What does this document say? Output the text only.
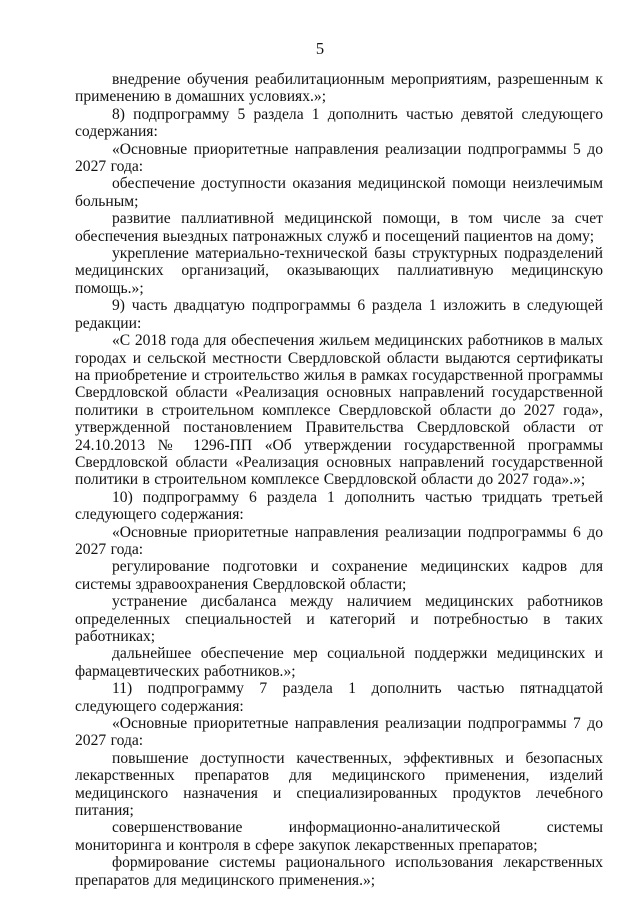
5

внедрение обучения реабилитационным мероприятиям, разрешенным к применению в домашних условиях.»;

8) подпрограмму 5 раздела 1 дополнить частью девятой следующего содержания:

«Основные приоритетные направления реализации подпрограммы 5 до 2027 года:

обеспечение доступности оказания медицинской помощи неизлечимым больным;

развитие паллиативной медицинской помощи, в том числе за счет обеспечения выездных патронажных служб и посещений пациентов на дому;

укрепление материально-технической базы структурных подразделений медицинских организаций, оказывающих паллиативную медицинскую помощь.»;

9) часть двадцатую подпрограммы 6 раздела 1 изложить в следующей редакции:

«С 2018 года для обеспечения жильем медицинских работников в малых городах и сельской местности Свердловской области выдаются сертификаты на приобретение и строительство жилья в рамках государственной программы Свердловской области «Реализация основных направлений государственной политики в строительном комплексе Свердловской области до 2027 года», утвержденной постановлением Правительства Свердловской области от 24.10.2013 № 1296-ПП «Об утверждении государственной программы Свердловской области «Реализация основных направлений государственной политики в строительном комплексе Свердловской области до 2027 года».»;

10) подпрограмму 6 раздела 1 дополнить частью тридцать третьей следующего содержания:

«Основные приоритетные направления реализации подпрограммы 6 до 2027 года:

регулирование подготовки и сохранение медицинских кадров для системы здравоохранения Свердловской области;

устранение дисбаланса между наличием медицинских работников определенных специальностей и категорий и потребностью в таких работниках;

дальнейшее обеспечение мер социальной поддержки медицинских и фармацевтических работников.»;

11) подпрограмму 7 раздела 1 дополнить частью пятнадцатой следующего содержания:

«Основные приоритетные направления реализации подпрограммы 7 до 2027 года:

повышение доступности качественных, эффективных и безопасных лекарственных препаратов для медицинского применения, изделий медицинского назначения и специализированных продуктов лечебного питания;

совершенствование информационно-аналитической системы мониторинга и контроля в сфере закупок лекарственных препаратов;

формирование системы рационального использования лекарственных препаратов для медицинского применения.»;
